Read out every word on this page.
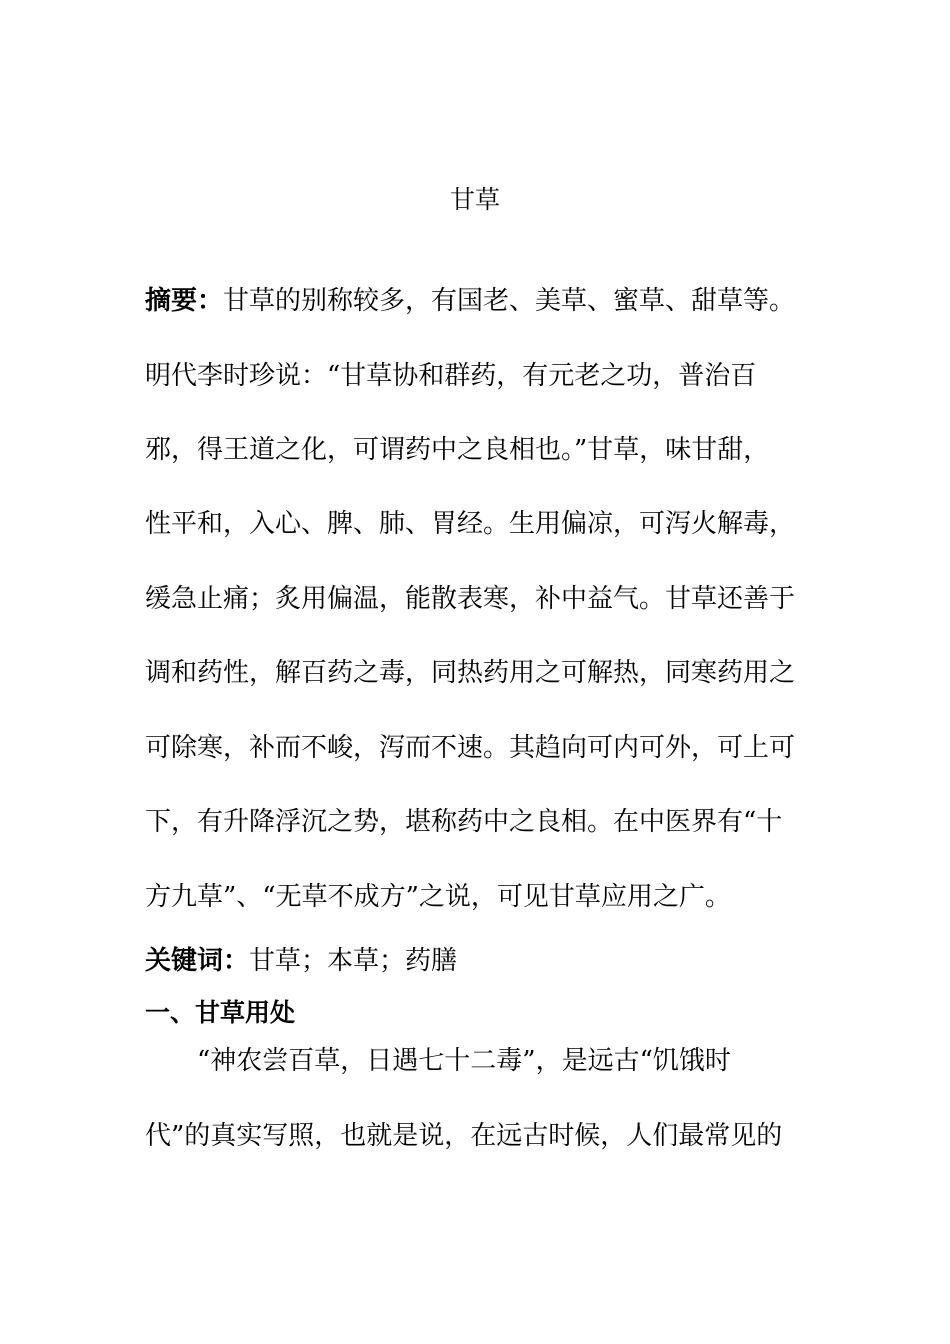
甘草
摘要：甘草的别称较多，有国老、美草、蜜草、甜草等。
明代李时珍说：“甘草协和群药，有元老之功，普治百
邪，得王道之化，可谓药中之良相也。”甘草，味甘甜，
性平和，入心、脾、肺、胃经。生用偏凉，可泻火解毒，
缓急止痛；炙用偏温，能散表寒，补中益气。甘草还善于
调和药性，解百药之毒，同热药用之可解热，同寒药用之
可除寒，补而不峻，泻而不速。其趋向可内可外，可上可
下，有升降浮沉之势，堪称药中之良相。在中医界有“十
方九草”、“无草不成方”之说，可见甘草应用之广。
关键词：甘草；本草；药膳
一、甘草用处
“神农尝百草，日遇七十二毒”，是远古“饥饿时
代”的真实写照，也就是说，在远古时候，人们最常见的
